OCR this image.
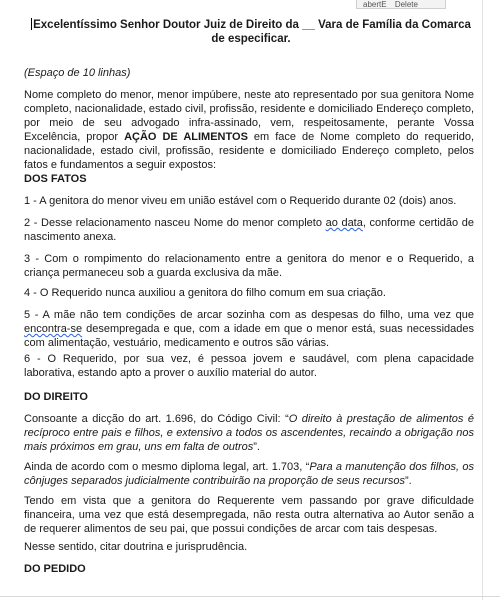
abertE Delete
Excelentíssimo Senhor Doutor Juiz de Direito da __ Vara de Família da Comarca
de especificar.

(Espaço de 10 linhas)

Nome completo do menor, menor impúbere, neste ato representado por sua genitora Nome completo, nacionalidade, estado civil, profissão, residente e domiciliado Endereço completo, por meio de seu advogado infra-assinado, vem, respeitosamente, perante Vossa Excelência, propor AÇÃO DE ALIMENTOS em face de Nome completo do requerido, nacionalidade, estado civil, profissão, residente e domiciliado Endereço completo, pelos fatos e fundamentos a seguir expostos:

DOS FATOS

1 - A genitora do menor viveu em união estável com o Requerido durante 02 (dois) anos.

2 - Desse relacionamento nasceu Nome do menor completo ao data, conforme certidão de nascimento anexa.

3 - Com o rompimento do relacionamento entre a genitora do menor e o Requerido, a criança permaneceu sob a guarda exclusiva da mãe.

4 - O Requerido nunca auxiliou a genitora do filho comum em sua criação.

5 - A mãe não tem condições de arcar sozinha com as despesas do filho, uma vez que encontra-se desempregada e que, com a idade em que o menor está, suas necessidades com alimentação, vestuário, medicamento e outros são várias.

6 - O Requerido, por sua vez, é pessoa jovem e saudável, com plena capacidade laborativa, estando apto a prover o auxílio material do autor.

DO DIREITO

Consoante a dicção do art. 1.696, do Código Civil: “O direito à prestação de alimentos é recíproco entre pais e filhos, e extensivo a todos os ascendentes, recaindo a obrigação nos mais próximos em grau, uns em falta de outros”.

Ainda de acordo com o mesmo diploma legal, art. 1.703, “Para a manutenção dos filhos, os cônjuges separados judicialmente contribuirão na proporção de seus recursos”.

Tendo em vista que a genitora do Requerente vem passando por grave dificuldade financeira, uma vez que está desempregada, não resta outra alternativa ao Autor senão a de requerer alimentos de seu pai, que possui condições de arcar com tais despesas.

Nesse sentido, citar doutrina e jurisprudência.

DO PEDIDO
